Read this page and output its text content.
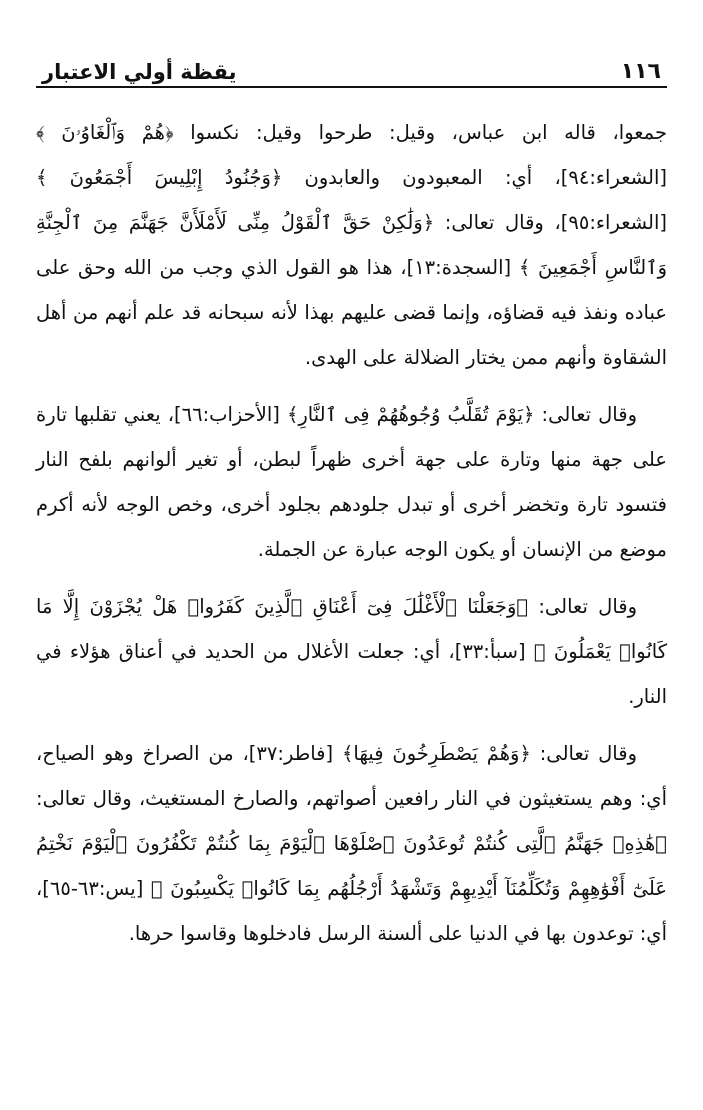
يقظة أولي الاعتبار	١١٦

جمعوا، قاله ابن عباس، وقيل: طرحوا وقيل: نكسوا ﴿هُمْ وَٱلْغَاوُۥنَ ﴾ [الشعراء:٩٤]، أي: المعبودون والعابدون ﴿وَجُنُودُ إِبْلِيسَ أَجْمَعُونَ ﴾ [الشعراء:٩٥]، وقال تعالى: ﴿وَلَٰكِنْ حَقَّ ٱلْقَوْلُ مِنِّى لَأَمْلَأَنَّ جَهَنَّمَ مِنَ ٱلْجِنَّةِ وَٱلنَّاسِ أَجْمَعِينَ ﴾ [السجدة:١٣]، هذا هو القول الذي وجب من الله وحق على عباده ونفذ فيه قضاؤه، وإنما قضى عليهم بهذا لأنه سبحانه قد علم أنهم من أهل الشقاوة وأنهم ممن يختار الضلالة على الهدى.

وقال تعالى: ﴿يَوْمَ تُقَلَّبُ وُجُوهُهُمْ فِى ٱلنَّارِ﴾ [الأحزاب:٦٦]، يعني تقلبها تارة على جهة منها وتارة على جهة أخرى ظهراً لبطن، أو تغير ألوانهم بلفح النار فتسود تارة وتخضر أخرى أو تبدل جلودهم بجلود أخرى، وخص الوجه لأنه أكرم موضع من الإنسان أو يكون الوجه عبارة عن الجملة.

وقال تعالى: ﴿وَجَعَلْنَا ٱلْأَغْلَٰلَ فِىٓ أَعْنَاقِ ٱلَّذِينَ كَفَرُوا۟ هَلْ يُجْزَوْنَ إِلَّا مَا كَانُوا۟ يَعْمَلُونَ ﴾ [سبأ:٣٣]، أي: جعلت الأغلال من الحديد في أعناق هؤلاء في النار.

وقال تعالى: ﴿وَهُمْ يَصْطَرِخُونَ فِيهَا﴾ [فاطر:٣٧]، من الصراخ وهو الصياح، أي: وهم يستغيثون في النار رافعين أصواتهم، والصارخ المستغيث، وقال تعالى: ﴿هَٰذِهِۦ جَهَنَّمُ ٱلَّتِى كُنتُمْ تُوعَدُونَ ٱصْلَوْهَا ٱلْيَوْمَ بِمَا كُنتُمْ تَكْفُرُونَ ٱلْيَوْمَ نَخْتِمُ عَلَىٰٓ أَفْوَٰهِهِمْ وَتُكَلِّمُنَآ أَيْدِيهِمْ وَتَشْهَدُ أَرْجُلُهُم بِمَا كَانُوا۟ يَكْسِبُونَ ﴾ [يس:٦٣-٦٥]، أي: توعدون بها في الدنيا على ألسنة الرسل فادخلوها وقاسوا حرها.
